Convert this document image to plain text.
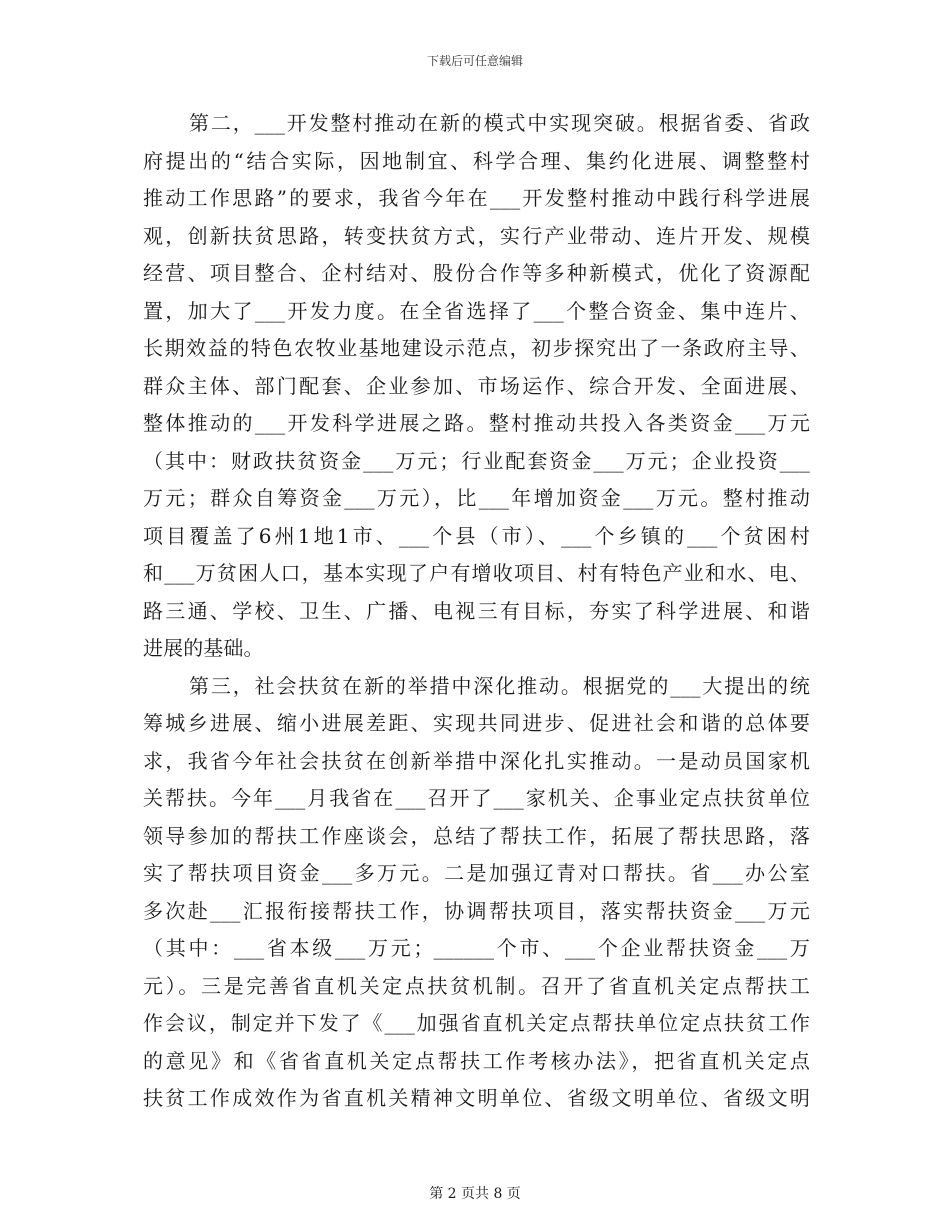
下载后可任意编辑
第二，___开发整村推动在新的模式中实现突破。根据省委、省政
府提出的“结合实际，因地制宜、科学合理、集约化进展、调整整村
推动工作思路”的要求，我省今年在___开发整村推动中践行科学进展
观，创新扶贫思路，转变扶贫方式，实行产业带动、连片开发、规模
经营、项目整合、企村结对、股份合作等多种新模式，优化了资源配
置，加大了___开发力度。在全省选择了___个整合资金、集中连片、
长期效益的特色农牧业基地建设示范点，初步探究出了一条政府主导、
群众主体、部门配套、企业参加、市场运作、综合开发、全面进展、
整体推动的___开发科学进展之路。整村推动共投入各类资金___万元
（其中：财政扶贫资金___万元；行业配套资金___万元；企业投资___
万元；群众自筹资金___万元），比___年增加资金___万元。整村推动
项目覆盖了6州1地1市、___个县（市）、___个乡镇的___个贫困村
和___万贫困人口，基本实现了户有增收项目、村有特色产业和水、电、
路三通、学校、卫生、广播、电视三有目标，夯实了科学进展、和谐
进展的基础。
第三，社会扶贫在新的举措中深化推动。根据党的___大提出的统
筹城乡进展、缩小进展差距、实现共同进步、促进社会和谐的总体要
求，我省今年社会扶贫在创新举措中深化扎实推动。一是动员国家机
关帮扶。今年___月我省在___召开了___家机关、企事业定点扶贫单位
领导参加的帮扶工作座谈会，总结了帮扶工作，拓展了帮扶思路，落
实了帮扶项目资金___多万元。二是加强辽青对口帮扶。省___办公室
多次赴___汇报衔接帮扶工作，协调帮扶项目，落实帮扶资金___万元
（其中：___省本级___万元；______个市、___个企业帮扶资金___万
元）。三是完善省直机关定点扶贫机制。召开了省直机关定点帮扶工
作会议，制定并下发了《___加强省直机关定点帮扶单位定点扶贫工作
的意见》和《省省直机关定点帮扶工作考核办法》，把省直机关定点
扶贫工作成效作为省直机关精神文明单位、省级文明单位、省级文明
第 2 页共 8 页
